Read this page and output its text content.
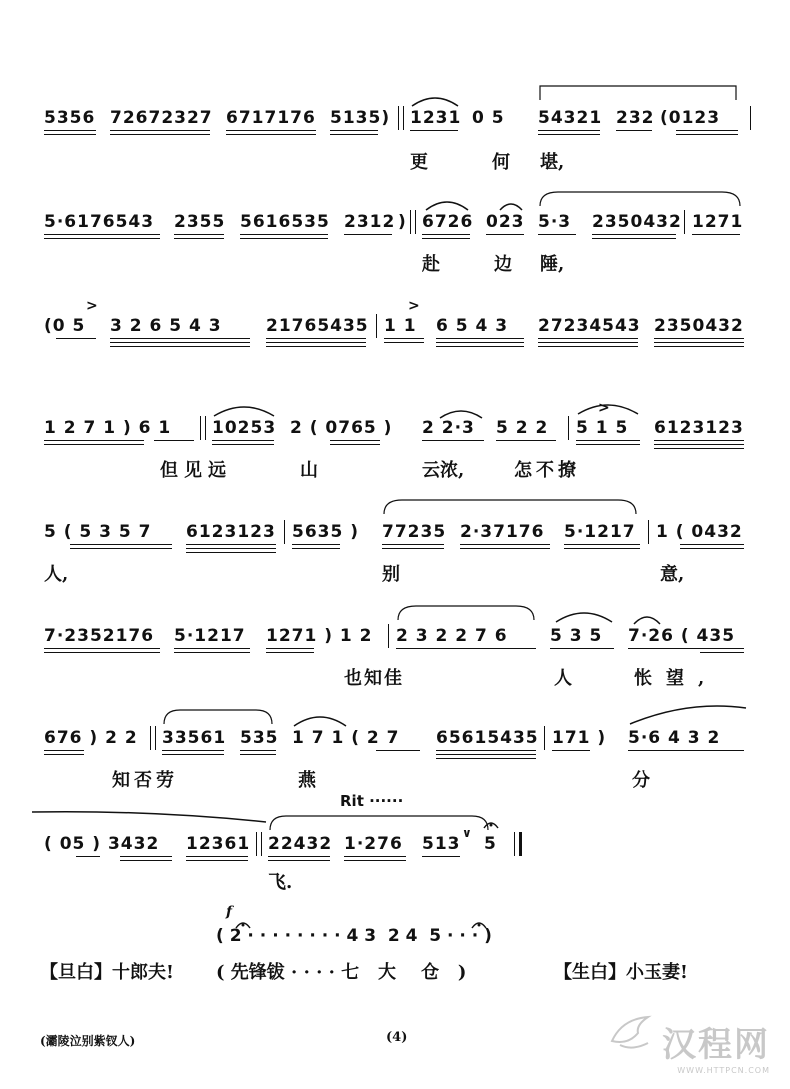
5356 72672327 6717176 5135) 1231 0 5 54321 232 (0123
更	何 堪,
5·6176543 2355 5616535 2312 ) 6726 023 5·3 2350432 1271
赴	边 陲,
(0 5 3 2 6 5 4 3	21765435 1 1 6 5 4 3 27234543 2350432
>	>
1 2 7 1 ) 6 1 10253 2 ( 0765 ) 2 2·3 5 2 2 5 1 5 6123123
>
但见远	山	云浓,	怎不撩
5 ( 5 3 5 7 6123123 5635 ) 77235 2·37176 5·1217 1 ( 0432
人,	别	意,
7·2352176 5·1217 1271 ) 1 2 2 3 2 2 7 6 5 3 5 7·26 ( 435
也知佳	人	怅望,
676 ) 2 2 33561 535 1 7 1 ( 2 7 65615435 171 ) 5·6 4 3 2
知否劳	燕	分
Rit ······
( 05 ) 3432 12361 22432 1·276 513
∨
5
飞.
f
( 2 · · · · · · · · 4 3  2 4  5 · · · )
【旦白】十郎夫! ( 先锋钹 · · · · 七   大    仓   )	【生白】小玉妻!
(灞陵泣别紫钗人)	(4)	汉程网
WWW.HTTPCN.COM
